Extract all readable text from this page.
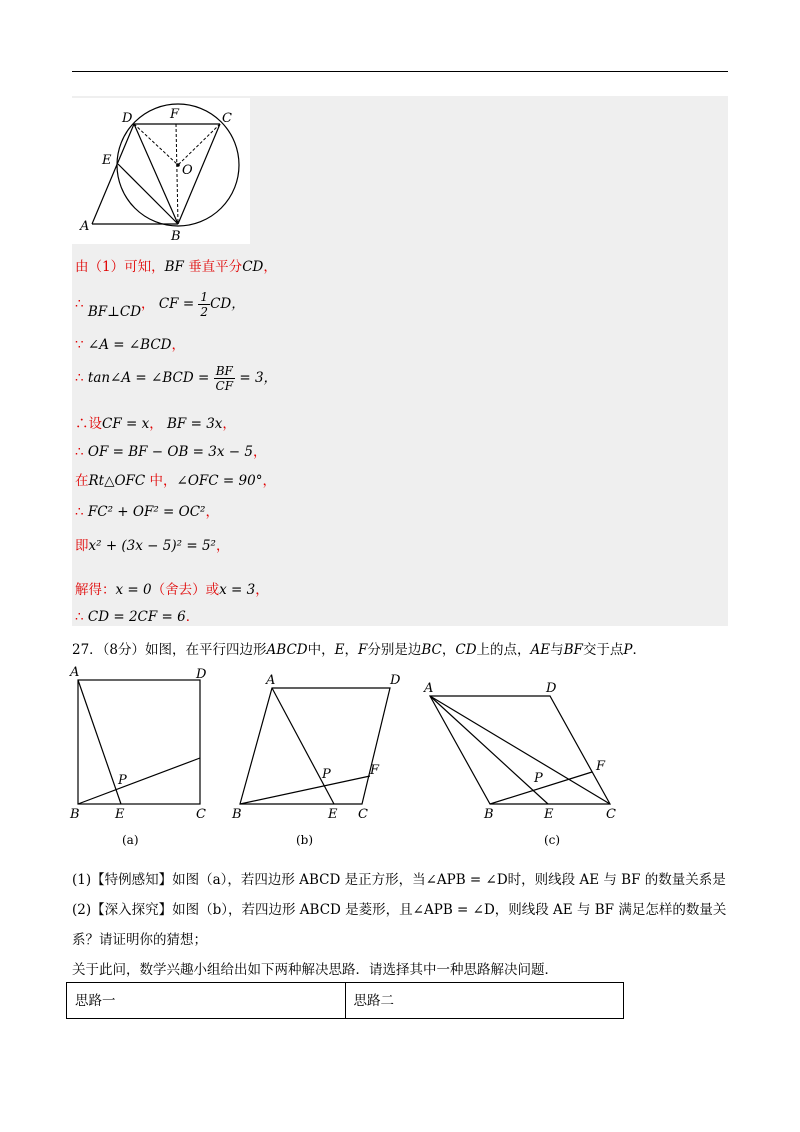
D	F	C
E
O
A
B
由（1）可知，BF 垂直平分CD，
∴ BF⊥CD， CF = $\frac{1}{2}$ CD，
∵ ∠A = ∠BCD，
∴ tan∠A = ∠BCD = $\frac{BF}{CF} = 3$，
∴设CF = x， BF = 3x，
∴ OF = BF − OB = 3x − 5，
在Rt△OFC 中，∠OFC = 90°，
∴ FC² + OF² = OC²，
即x² + (3x − 5)² = 5²，
解得：x = 0（舍去）或x = 3，
∴ CD = 2CF = 6．
27．（8分）如图，在平行四边形ABCD中，E，F分别是边BC，CD上的点，AE与BF交于点P．
A	D
B	E	C
P
A	D
B	E C
P	F
A	D
B	E	C
P
F
(a)	(b)	(c)
(1)【特例感知】如图（a），若四边形 ABCD 是正方形，当∠APB = ∠D时，则线段 AE 与 BF 的数量关系是
(2)【深入探究】如图（b），若四边形 ABCD 是菱形，且∠APB = ∠D，则线段 AE 与 BF 满足怎样的数量关
系？请证明你的猜想；
关于此问，数学兴趣小组给出如下两种解决思路．请选择其中一种思路解决问题．
思路一	思路二
